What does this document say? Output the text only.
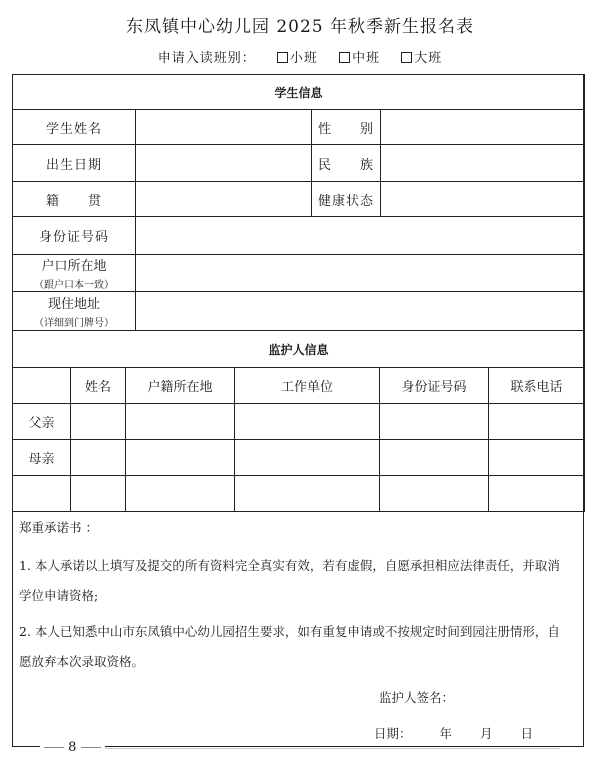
东凤镇中心幼儿园 2025 年秋季新生报名表
申请入读班别：	小班	中班	大班
学生信息			
学生姓名		性　　别	
出生日期		民　　族	
籍　　贯		健康状态	
身份证号码			
户口所在地
（跟户口本一致）			

现住地址
（详细到门牌号）			

监护人信息					
	姓名	户籍所在地	工作单位	身份证号码	联系电话
父亲					
母亲					

郑重承诺书 ：
1. 本人承诺以上填写及提交的所有资料完全真实有效，若有虚假，自愿承担相应法律责任，并取消学位申请资格;
2. 本人已知悉中山市东凤镇中心幼儿园招生要求，如有重复申请或不按规定时间到园注册情形，自愿放弃本次录取资格。
监护人签名：
日期： 年 月 日
8
